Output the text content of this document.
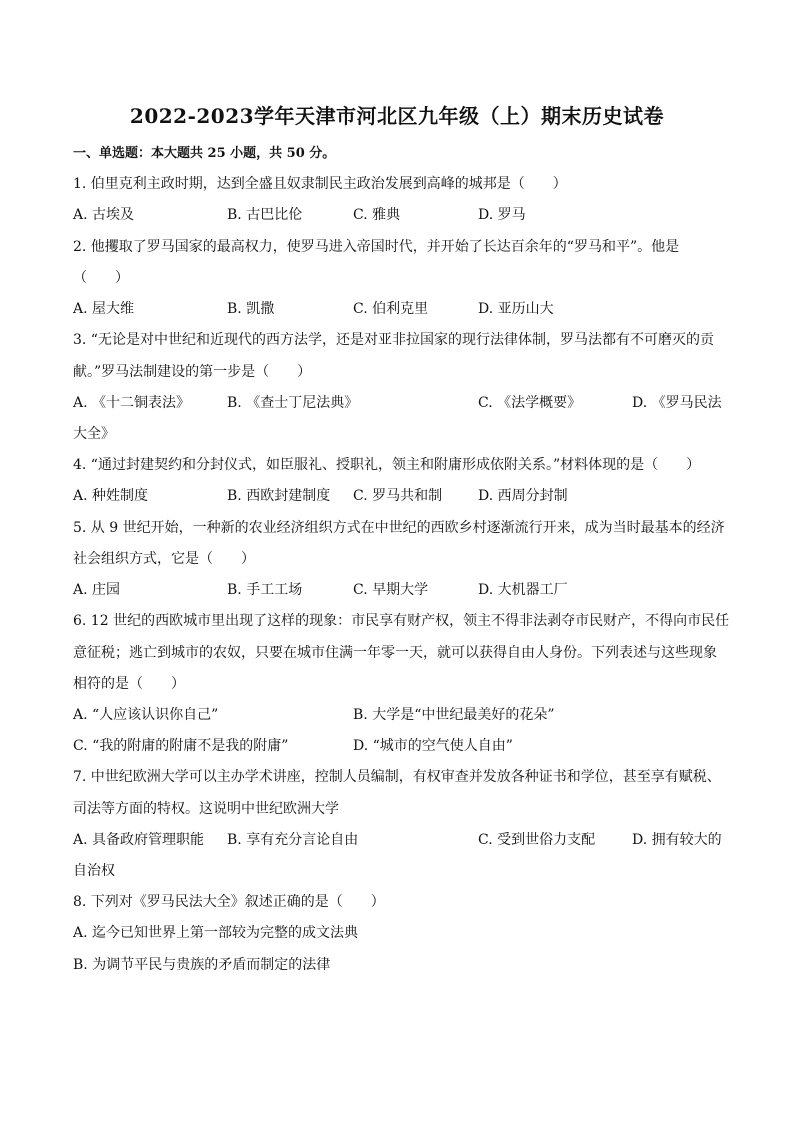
2022-2023学年天津市河北区九年级（上）期末历史试卷
一、单选题：本大题共 25 小题，共 50 分。
1. 伯里克利主政时期，达到全盛且奴隶制民主政治发展到高峰的城邦是（　　）
A. 古埃及	B. 古巴比伦	C. 雅典	D. 罗马
2. 他攫取了罗马国家的最高权力，使罗马进入帝国时代，并开始了长达百余年的“罗马和平”。他是
（　　）
A. 屋大维	B. 凯撒	C. 伯利克里	D. 亚历山大
3. “无论是对中世纪和近现代的西方法学，还是对亚非拉国家的现行法律体制，罗马法都有不可磨灭的贡
献。”罗马法制建设的第一步是（　　）
A. 《十二铜表法》	B. 《查士丁尼法典》	C. 《法学概要》	D. 《罗马民法
大全》
4. “通过封建契约和分封仪式，如臣服礼、授职礼，领主和附庸形成依附关系。”材料体现的是（　　）
A. 种姓制度	B. 西欧封建制度 C. 罗马共和制	D. 西周分封制
5. 从 9 世纪开始，一种新的农业经济组织方式在中世纪的西欧乡村逐渐流行开来，成为当时最基本的经济
社会组织方式，它是（　　）
A. 庄园	B. 手工工场	C. 早期大学	D. 大机器工厂
6. 12 世纪的西欧城市里出现了这样的现象：市民享有财产权，领主不得非法剥夺市民财产，不得向市民任
意征税；逃亡到城市的农奴，只要在城市住满一年零一天，就可以获得自由人身份。下列表述与这些现象
相符的是（　　）
A. “人应该认识你自己”	B. 大学是“中世纪最美好的花朵”
C. “我的附庸的附庸不是我的附庸”	D. “城市的空气使人自由”
7. 中世纪欧洲大学可以主办学术讲座，控制人员编制，有权审查并发放各种证书和学位，甚至享有赋税、
司法等方面的特权。这说明中世纪欧洲大学
A. 具备政府管理职能 B. 享有充分言论自由	C. 受到世俗力支配	D. 拥有较大的
自治权
8. 下列对《罗马民法大全》叙述正确的是（　　）
A. 迄今已知世界上第一部较为完整的成文法典
B. 为调节平民与贵族的矛盾而制定的法律
